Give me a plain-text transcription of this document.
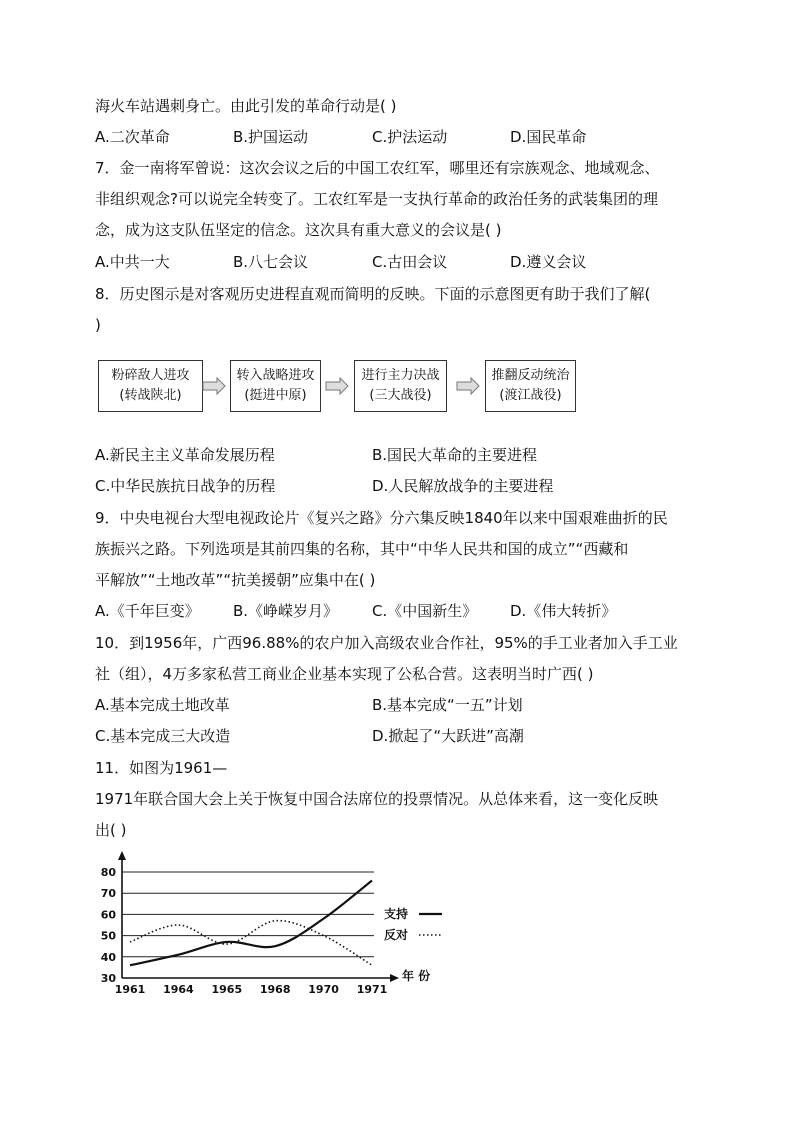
海火车站遇刺身亡。由此引发的革命行动是( )
A.二次革命	B.护国运动	C.护法运动	D.国民革命
7．金一南将军曾说：这次会议之后的中国工农红军，哪里还有宗族观念、地域观念、
非组织观念?可以说完全转变了。工农红军是一支执行革命的政治任务的武装集团的理
念，成为这支队伍坚定的信念。这次具有重大意义的会议是( )
A.中共一大	B.八七会议	C.古田会议	D.遵义会议
8．历史图示是对客观历史进程直观而简明的反映。下面的示意图更有助于我们了解(
)
粉碎敌人进攻
(转战陕北)
转入战略进攻
(挺进中原)
进行主力决战
(三大战役)
推翻反动统治
(渡江战役)
A.新民主主义革命发展历程	B.国民大革命的主要进程
C.中华民族抗日战争的历程	D.人民解放战争的主要进程
9．中央电视台大型电视政论片《复兴之路》分六集反映1840年以来中国艰难曲折的民
族振兴之路。下列选项是其前四集的名称，其中“中华人民共和国的成立”“西藏和
平解放”“土地改革”“抗美援朝”应集中在( )
A.《千年巨变》 B.《峥嵘岁月》 C.《中国新生》 D.《伟大转折》
10．到1956年，广西96.88%的农户加入高级农业合作社，95%的手工业者加入手工业
社（组），4万多家私营工商业企业基本实现了公私合营。这表明当时广西( )
A.基本完成土地改革	B.基本完成“一五”计划
C.基本完成三大改造	D.掀起了“大跃进”高潮
11．如图为1961—
1971年联合国大会上关于恢复中国合法席位的投票情况。从总体来看，这一变化反映
出( )
30
40
50
60
70
80
1961 1964 1965 1968 1970 1971
年 份
支持
反对
